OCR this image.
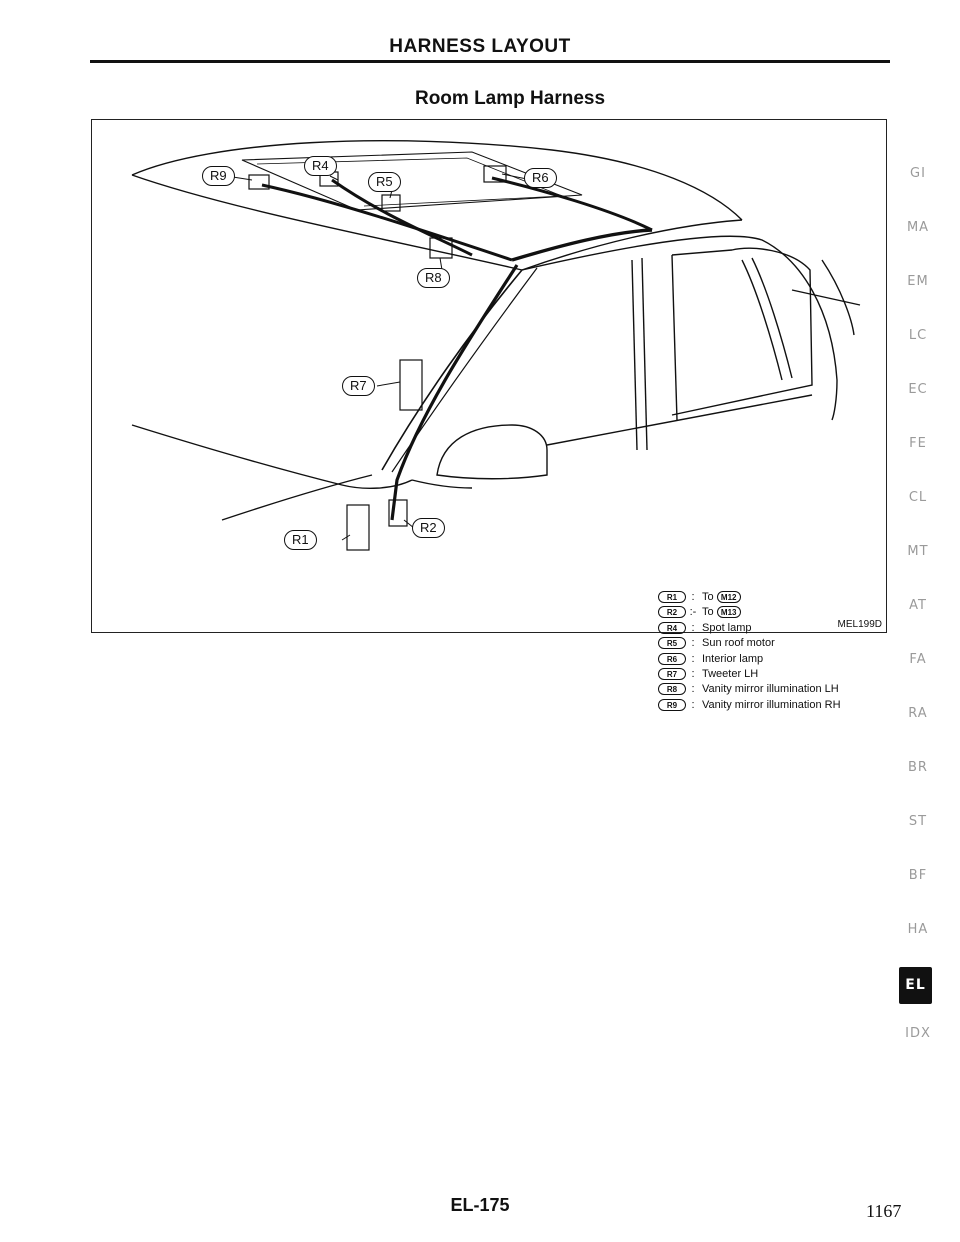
HARNESS LAYOUT
Room Lamp Harness
R4
R9	R5	R6
R8
R7
R2
R1
R1 : To M12
R2 :- To M13
R4 : Spot lamp
R5 : Sun roof motor
R6 : Interior lamp
R7 : Tweeter LH
R8 : Vanity mirror illumination LH
R9 : Vanity mirror illumination RH
MEL199D
GI
MA
EM
LC
EC
FE
CL
MT
AT
FA
RA
BR
ST
BF
HA
EL
IDX
EL-175	1167
